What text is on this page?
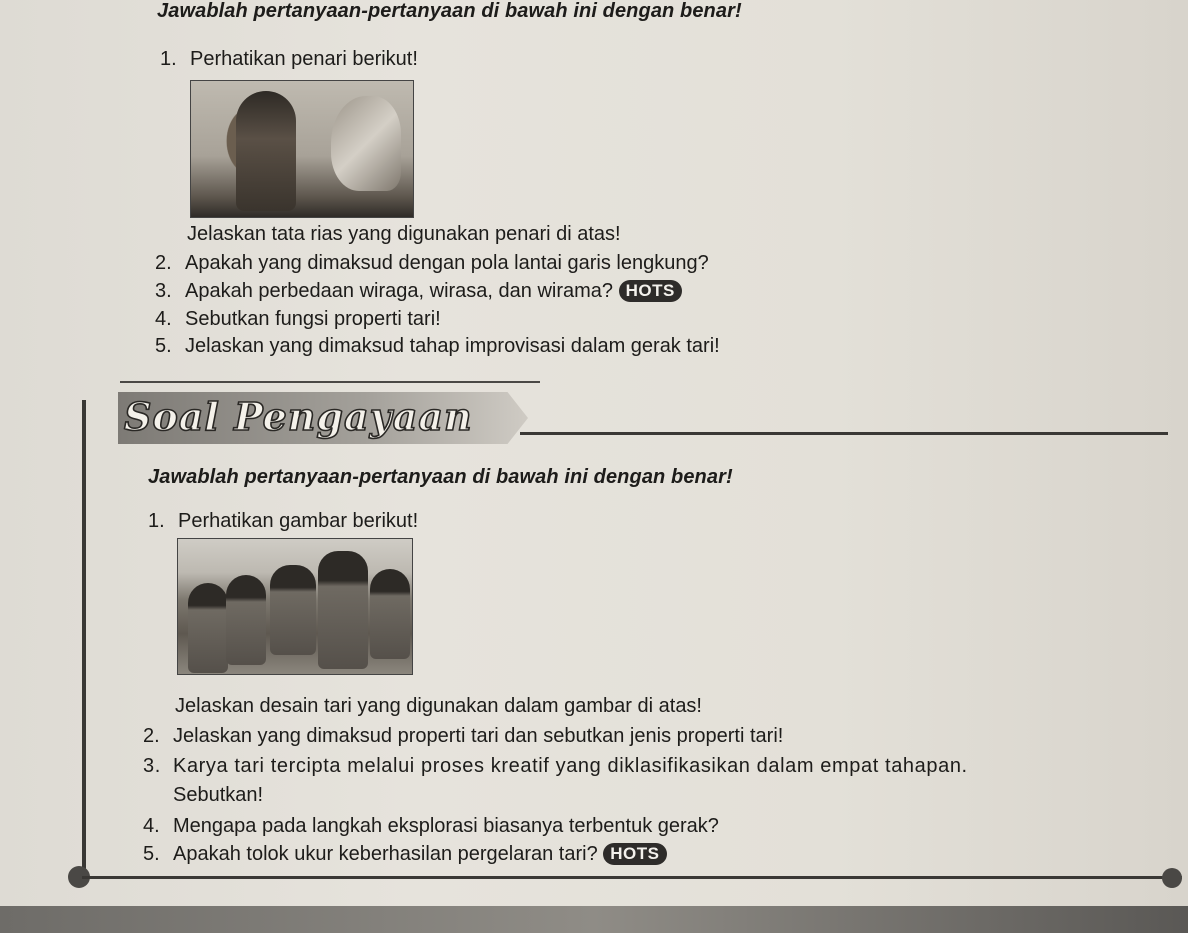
Jawablah pertanyaan-pertanyaan di bawah ini dengan benar!
1. Perhatikan penari berikut!
Jelaskan tata rias yang digunakan penari di atas!
2. Apakah yang dimaksud dengan pola lantai garis lengkung?
3. Apakah perbedaan wiraga, wirasa, dan wirama? HOTS
4. Sebutkan fungsi properti tari!
5. Jelaskan yang dimaksud tahap improvisasi dalam gerak tari!
Soal Pengayaan
Jawablah pertanyaan-pertanyaan di bawah ini dengan benar!
1. Perhatikan gambar berikut!
Jelaskan desain tari yang digunakan dalam gambar di atas!
2. Jelaskan yang dimaksud properti tari dan sebutkan jenis properti tari!
3. Karya tari tercipta melalui proses kreatif yang diklasifikasikan dalam empat tahapan.
Sebutkan!
4. Mengapa pada langkah eksplorasi biasanya terbentuk gerak?
5. Apakah tolok ukur keberhasilan pergelaran tari? HOTS
